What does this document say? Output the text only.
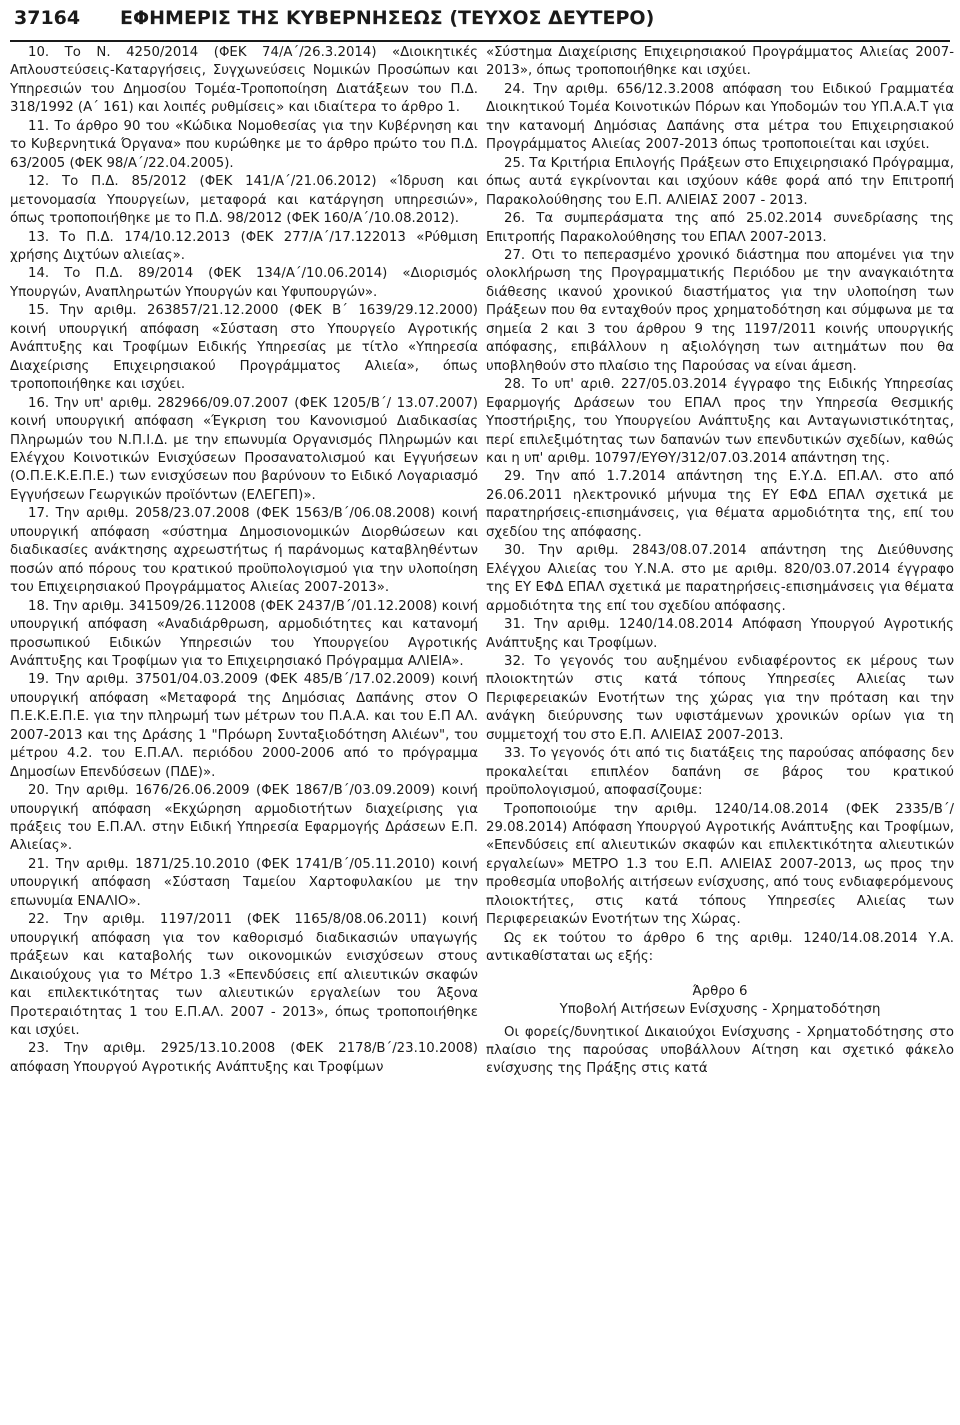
37164 ΕΦΗΜΕΡΙΣ ΤΗΣ ΚΥΒΕΡΝΗΣΕΩΣ (ΤΕΥΧΟΣ ΔΕΥΤΕΡΟ)

10. Το Ν. 4250/2014 (ΦΕΚ 74/Α΄/26.3.2014) «Διοικητικές Απλουστεύσεις-Καταργήσεις, Συγχωνεύσεις Νομικών Προσώπων και Υπηρεσιών του Δημοσίου Τομέα-Τροποποίηση Διατάξεων του Π.Δ. 318/1992 (Α΄ 161) και λοιπές ρυθμίσεις» και ιδιαίτερα το άρθρο 1.

11. Το άρθρο 90 του «Κώδικα Νομοθεσίας για την Κυβέρνηση και το Κυβερνητικά Όργανα» που κυρώθηκε με το άρθρο πρώτο του Π.Δ. 63/2005 (ΦΕΚ 98/Α΄/22.04.2005).

12. Το Π.Δ. 85/2012 (ΦΕΚ 141/Α΄/21.06.2012) «Ίδρυση και μετονομασία Υπουργείων, μεταφορά και κατάργηση υπηρεσιών», όπως τροποποιήθηκε με το Π.Δ. 98/2012 (ΦΕΚ 160/Α΄/10.08.2012).

13. Το Π.Δ. 174/10.12.2013 (ΦΕΚ 277/Α΄/17.122013 «Ρύθμιση χρήσης Διχτύων αλιείας».

14. Το Π.Δ. 89/2014 (ΦΕΚ 134/Α΄/10.06.2014) «Διορισμός Υπουργών, Αναπληρωτών Υπουργών και Υφυπουργών».

15. Την αριθμ. 263857/21.12.2000 (ΦΕΚ Β΄ 1639/29.12.2000) κοινή υπουργική απόφαση «Σύσταση στο Υπουργείο Αγροτικής Ανάπτυξης και Τροφίμων Ειδικής Υπηρεσίας με τίτλο «Υπηρεσία Διαχείρισης Επιχειρησιακού Προγράμματος Αλιεία», όπως τροποποιήθηκε και ισχύει.

16. Την υπ' αριθμ. 282966/09.07.2007 (ΦΕΚ 1205/Β΄/ 13.07.2007) κοινή υπουργική απόφαση «Έγκριση του Κανονισμού Διαδικασίας Πληρωμών του Ν.Π.Ι.Δ. με την επωνυμία Οργανισμός Πληρωμών και Ελέγχου Κοινοτικών Ενισχύσεων Προσανατολισμού και Εγγυήσεων (Ο.Π.Ε.Κ.Ε.Π.Ε.) των ενισχύσεων που βαρύνουν το Ειδικό Λογαριασμό Εγγυήσεων Γεωργικών προϊόντων (ΕΛΕΓΕΠ)».

17. Την αριθμ. 2058/23.07.2008 (ΦΕΚ 1563/Β΄/06.08.2008) κοινή υπουργική απόφαση «σύστημα Δημοσιονομικών Διορθώσεων και διαδικασίες ανάκτησης αχρεωστήτως ή παράνομως καταβληθέντων ποσών από πόρους του κρατικού προϋπολογισμού για την υλοποίηση του Επιχειρησιακού Προγράμματος Αλιείας 2007-2013».

18. Την αριθμ. 341509/26.112008 (ΦΕΚ 2437/Β΄/01.12.2008) κοινή υπουργική απόφαση «Αναδιάρθρωση, αρμοδιότητες και κατανομή προσωπικού Ειδικών Υπηρεσιών του Υπουργείου Αγροτικής Ανάπτυξης και Τροφίμων για το Επιχειρησιακό Πρόγραμμα ΑΛΙΕΙΑ».

19. Την αριθμ. 37501/04.03.2009 (ΦΕΚ 485/Β΄/17.02.2009) κοινή υπουργική απόφαση «Μεταφορά της Δημόσιας Δαπάνης στον Ο Π.Ε.Κ.Ε.Π.Ε. για την πληρωμή των μέτρων του Π.Α.Α. και του Ε.Π ΑΛ. 2007-2013 και της Δράσης 1 "Πρόωρη Συνταξιοδότηση Αλιέων", του μέτρου 4.2. του Ε.Π.ΑΛ. περιόδου 2000-2006 από το πρόγραμμα Δημοσίων Επενδύσεων (ΠΔΕ)».

20. Την αριθμ. 1676/26.06.2009 (ΦΕΚ 1867/Β΄/03.09.2009) κοινή υπουργική απόφαση «Εκχώρηση αρμοδιοτήτων διαχείρισης για πράξεις του Ε.Π.ΑΛ. στην Ειδική Υπηρεσία Εφαρμογής Δράσεων Ε.Π. Αλιείας».

21. Την αριθμ. 1871/25.10.2010 (ΦΕΚ 1741/Β΄/05.11.2010) κοινή υπουργική απόφαση «Σύσταση Ταμείου Χαρτοφυλακίου με την επωνυμία ΕΝΑΛΙΟ».

22. Την αριθμ. 1197/2011 (ΦΕΚ 1165/8/08.06.2011) κοινή υπουργική απόφαση για τον καθορισμό διαδικασιών υπαγωγής πράξεων και καταβολής των οικονομικών ενισχύσεων στους Δικαιούχους για το Μέτρο 1.3 «Επενδύσεις επί αλιευτικών σκαφών και επιλεκτικότητας των αλιευτικών εργαλείων του Άξονα Προτεραιότητας 1 του Ε.Π.ΑΛ. 2007 - 2013», όπως τροποποιήθηκε και ισχύει.

23. Την αριθμ. 2925/13.10.2008 (ΦΕΚ 2178/Β΄/23.10.2008) απόφαση Υπουργού Αγροτικής Ανάπτυξης και Τροφίμων

«Σύστημα Διαχείρισης Επιχειρησιακού Προγράμματος Αλιείας 2007-2013», όπως τροποποιήθηκε και ισχύει.

24. Την αριθμ. 656/12.3.2008 απόφαση του Ειδικού Γραμματέα Διοικητικού Τομέα Κοινοτικών Πόρων και Υποδομών του ΥΠ.Α.Α.Τ για την κατανομή Δημόσιας Δαπάνης στα μέτρα του Επιχειρησιακού Προγράμματος Αλιείας 2007-2013 όπως τροποποιείται και ισχύει.

25. Τα Κριτήρια Επιλογής Πράξεων στο Επιχειρησιακό Πρόγραμμα, όπως αυτά εγκρίνονται και ισχύουν κάθε φορά από την Επιτροπή Παρακολούθησης του Ε.Π. ΑΛΙΕΙΑΣ 2007 - 2013.

26. Τα συμπεράσματα της από 25.02.2014 συνεδρίασης της Επιτροπής Παρακολούθησης του ΕΠΑΛ 2007-2013.

27. Οτι το πεπερασμένο χρονικό διάστημα που απομένει για την ολοκλήρωση της Προγραμματικής Περιόδου με την αναγκαιότητα διάθεσης ικανού χρονικού διαστήματος για την υλοποίηση των Πράξεων που θα ενταχθούν προς χρηματοδότηση και σύμφωνα με τα σημεία 2 και 3 του άρθρου 9 της 1197/2011 κοινής υπουργικής απόφασης, επιβάλλουν η αξιολόγηση των αιτημάτων που θα υποβληθούν στο πλαίσιο της Παρούσας να είναι άμεση.

28. Το υπ' αριθ. 227/05.03.2014 έγγραφο της Ειδικής Υπηρεσίας Εφαρμογής Δράσεων του ΕΠΑΛ προς την Υπηρεσία Θεσμικής Υποστήριξης, του Υπουργείου Ανάπτυξης και Ανταγωνιστικότητας, περί επιλεξιμότητας των δαπανών των επενδυτικών σχεδίων, καθώς και η υπ' αριθμ. 10797/ΕΥΘΥ/312/07.03.2014 απάντηση της.

29. Την από 1.7.2014 απάντηση της Ε.Υ.Δ. ΕΠ.ΑΛ. στο από 26.06.2011 ηλεκτρονικό μήνυμα της ΕΥ ΕΦΔ ΕΠΑΛ σχετικά με παρατηρήσεις-επισημάνσεις, για θέματα αρμοδιότητα της, επί του σχεδίου της απόφασης.

30. Την αριθμ. 2843/08.07.2014 απάντηση της Διεύθυνσης Ελέγχου Αλιείας του Υ.Ν.Α. στο με αριθμ. 820/03.07.2014 έγγραφο της ΕΥ ΕΦΔ ΕΠΑΛ σχετικά με παρατηρήσεις-επισημάνσεις για θέματα αρμοδιότητα της επί του σχεδίου απόφασης.

31. Την αριθμ. 1240/14.08.2014 Απόφαση Υπουργού Αγροτικής Ανάπτυξης και Τροφίμων.

32. Το γεγονός του αυξημένου ενδιαφέροντος εκ μέρους των πλοιοκτητών στις κατά τόπους Υπηρεσίες Αλιείας των Περιφερειακών Ενοτήτων της χώρας για την πρόταση και την ανάγκη διεύρυνσης των υφιστάμενων χρονικών ορίων για τη συμμετοχή του στο Ε.Π. ΑΛΙΕΙΑΣ 2007-2013.

33. Το γεγονός ότι από τις διατάξεις της παρούσας απόφασης δεν προκαλείται επιπλέον δαπάνη σε βάρος του κρατικού προϋπολογισμού, αποφασίζουμε:

Τροποποιούμε την αριθμ. 1240/14.08.2014 (ΦΕΚ 2335/Β΄/ 29.08.2014) Απόφαση Υπουργού Αγροτικής Ανάπτυξης και Τροφίμων, «Επενδύσεις επί αλιευτικών σκαφών και επιλεκτικότητα αλιευτικών εργαλείων» ΜΕΤΡΟ 1.3 του Ε.Π. ΑΛΙΕΙΑΣ 2007-2013, ως προς την προθεσμία υποβολής αιτήσεων ενίσχυσης, από τους ενδιαφερόμενους πλοιοκτήτες, στις κατά τόπους Υπηρεσίες Αλιείας των Περιφερειακών Ενοτήτων της Χώρας.

Ως εκ τούτου το άρθρο 6 της αριθμ. 1240/14.08.2014 Υ.Α. αντικαθίσταται ως εξής:

Άρθρο 6

Υποβολή Αιτήσεων Ενίσχυσης - Χρηματοδότηση

Οι φορείς/δυνητικοί Δικαιούχοι Ενίσχυσης - Χρηματοδότησης στο πλαίσιο της παρούσας υποβάλλουν Αίτηση και σχετικό φάκελο ενίσχυσης της Πράξης στις κατά
